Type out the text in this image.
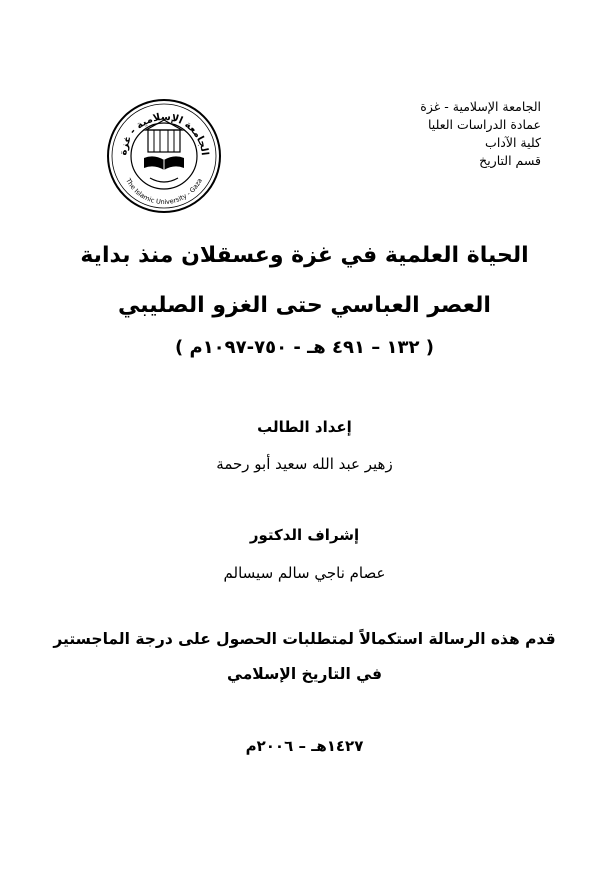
الجامعة الإسلامية - غزة
عمادة الدراسات العليا
كلية الآداب
قسم التاريخ
الجامعة الإسلامية - غزة
The Islamic University - Gaza
الحياة العلمية في غزة وعسقلان منذ بداية
العصر العباسي حتى الغزو الصليبي
( ١٣٢ – ٤٩١ هـ - ٧٥٠-١٠٩٧م )
إعداد الطالب
زهير عبد الله سعيد أبو رحمة
إشراف الدكتور
عصام ناجي سالم سيسالم
قدم هذه الرسالة استكمالاً لمتطلبات الحصول على درجة الماجستير
في التاريخ الإسلامي
١٤٢٧هـ – ٢٠٠٦م
